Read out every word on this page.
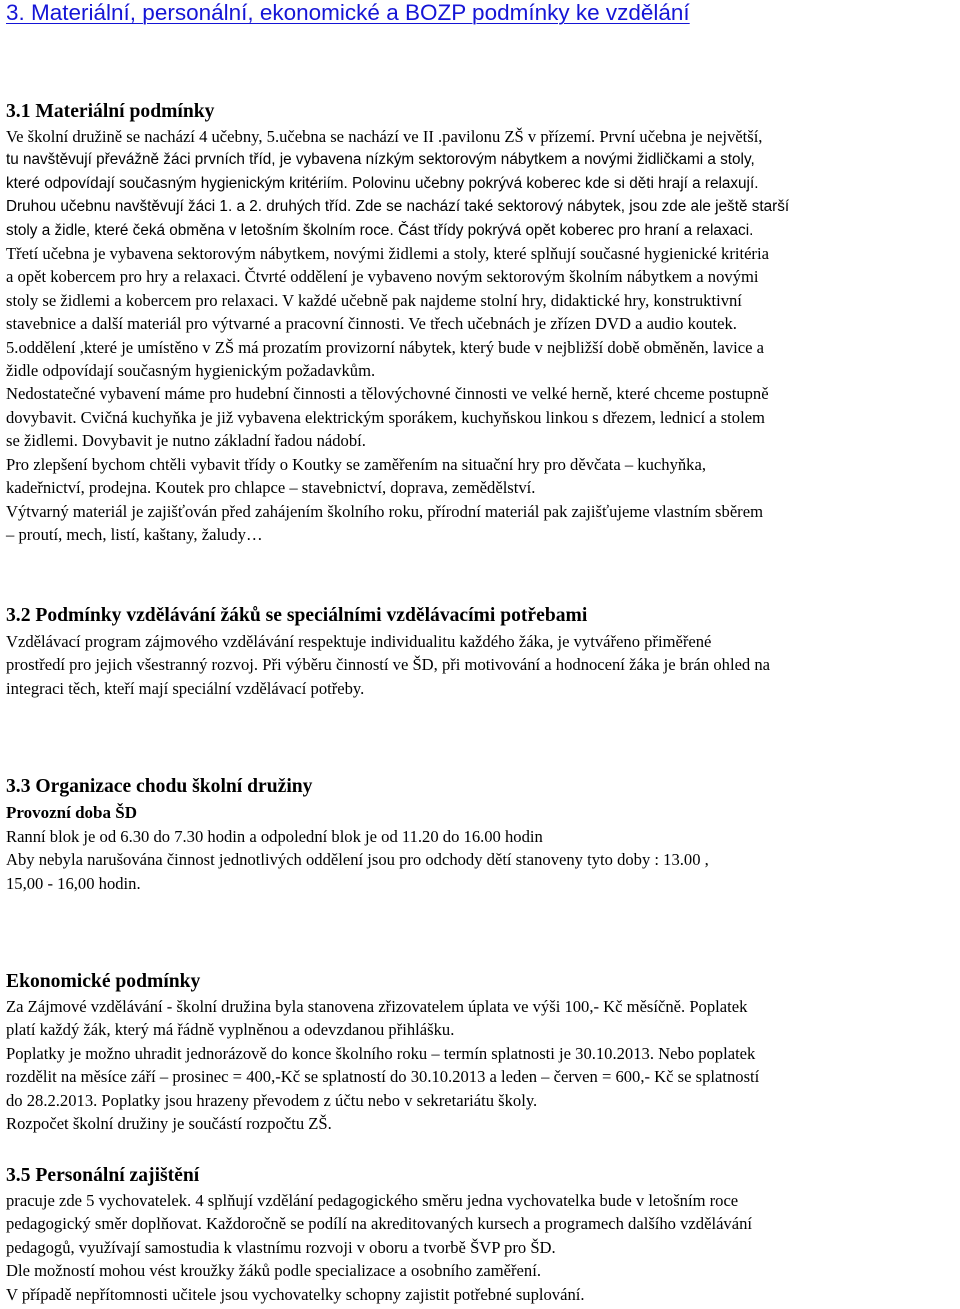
3. Materiální, personální, ekonomické a BOZP podmínky ke vzdělání
3.1 Materiální podmínky
Ve školní družině se nachází 4 učebny, 5.učebna se nachází ve II .pavilonu ZŠ v přízemí. První učebna je největší,
tu navštěvují převážně žáci prvních tříd, je vybavena nízkým sektorovým nábytkem a novými židličkami a stoly,
které odpovídají současným hygienickým kritériím. Polovinu učebny pokrývá koberec kde si děti hrají a relaxují.
Druhou učebnu navštěvují žáci 1. a 2. druhých tříd. Zde se nachází také sektorový nábytek, jsou zde ale ještě starší
stoly a židle, které čeká obměna v letošním školním roce. Část třídy pokrývá opět koberec pro hraní a relaxaci.
Třetí učebna je vybavena sektorovým nábytkem, novými židlemi a stoly, které splňují současné hygienické kritéria
a opět kobercem pro hry a relaxaci. Čtvrté oddělení je vybaveno novým sektorovým školním nábytkem a novými
stoly se židlemi a kobercem pro relaxaci. V každé učebně pak najdeme stolní hry, didaktické hry, konstruktivní
stavebnice a další materiál pro výtvarné a pracovní činnosti. Ve třech učebnách je zřízen DVD a audio koutek.
5.oddělení ,které je umístěno v ZŠ má prozatím provizorní nábytek, který bude v nejbližší době obměněn, lavice a
židle odpovídají současným hygienickým požadavkům.
Nedostatečné vybavení máme pro hudební činnosti a tělovýchovné činnosti ve velké herně, které chceme postupně
dovybavit. Cvičná kuchyňka je již vybavena elektrickým sporákem, kuchyňskou linkou s dřezem, lednicí a stolem
se židlemi. Dovybavit je nutno základní řadou nádobí.
Pro zlepšení bychom chtěli vybavit třídy o Koutky se zaměřením na situační hry pro děvčata – kuchyňka,
kadeřnictví, prodejna. Koutek pro chlapce – stavebnictví, doprava, zemědělství.
Výtvarný materiál je zajišťován před zahájením školního roku, přírodní materiál pak zajišťujeme vlastním sběrem
– proutí, mech, listí, kaštany, žaludy…
3.2 Podmínky vzdělávání žáků se speciálními vzdělávacími potřebami
Vzdělávací program zájmového vzdělávání respektuje individualitu každého žáka, je vytvářeno přiměřené
prostředí pro jejich všestranný rozvoj. Při výběru činností ve ŠD, při motivování a hodnocení žáka je brán ohled na
integraci těch, kteří mají speciální vzdělávací potřeby.
3.3 Organizace chodu školní družiny
Provozní doba ŠD
Ranní blok je od 6.30 do 7.30 hodin a odpolední blok je od 11.20 do 16.00 hodin
Aby nebyla narušována činnost jednotlivých oddělení jsou pro odchody dětí stanoveny tyto doby : 13.00 ,
15,00 - 16,00 hodin.
Ekonomické podmínky
Za Zájmové vzdělávání - školní družina byla stanovena zřizovatelem úplata ve výši 100,- Kč měsíčně. Poplatek
platí každý žák, který má řádně vyplněnou a odevzdanou přihlášku.
Poplatky je možno uhradit jednorázově do konce školního roku – termín splatnosti je 30.10.2013. Nebo poplatek
rozdělit na měsíce září – prosinec = 400,-Kč se splatností do 30.10.2013 a leden – červen = 600,- Kč se splatností
do 28.2.2013. Poplatky jsou hrazeny převodem z účtu nebo v sekretariátu školy.
Rozpočet školní družiny je součástí rozpočtu ZŠ.
3.5 Personální zajištění
pracuje zde 5 vychovatelek. 4 splňují vzdělání pedagogického směru jedna vychovatelka bude v letošním roce
pedagogický směr doplňovat. Každoročně se podílí na akreditovaných kursech a programech dalšího vzdělávání
pedagogů, využívají samostudia k vlastnímu rozvoji v oboru a tvorbě ŠVP pro ŠD.
Dle možností mohou vést kroužky žáků podle specializace a osobního zaměření.
V případě nepřítomnosti učitele jsou vychovatelky schopny zajistit potřebné suplování.
